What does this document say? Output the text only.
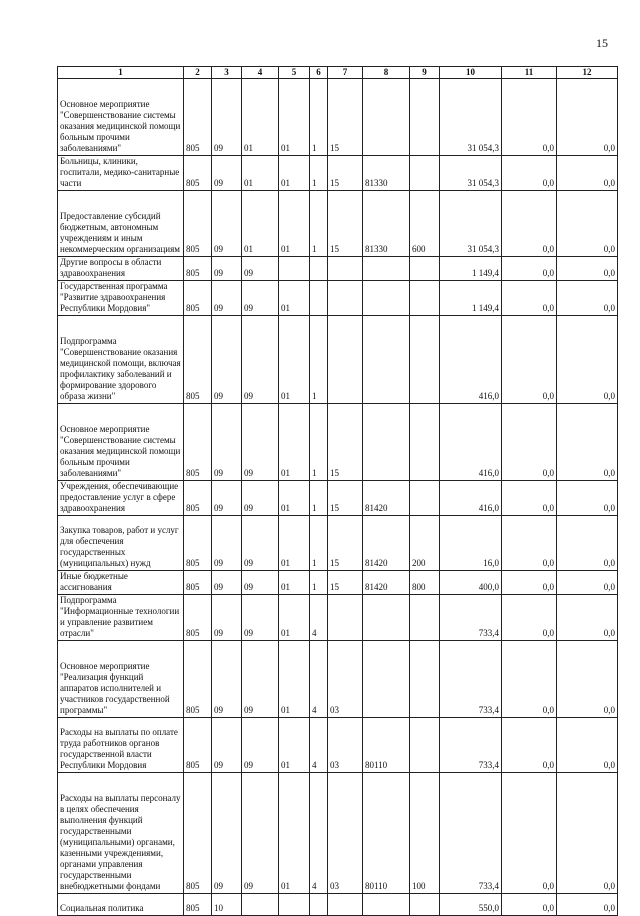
15
1	2	3	4	5	6	7	8	9	10	11	12
Основное мероприятие "Совершенствование системы оказания медицинской помощи больным прочими заболеваниями"	805	09	01	01	1	15			31 054,3	0,0	0,0
Больницы, клиники, госпитали, медико-санитарные части	805	09	01	01	1	15	81330		31 054,3	0,0	0,0
Предоставление субсидий бюджетным, автономным учреждениям и иным некоммерческим организациям	805	09	01	01	1	15	81330	600	31 054,3	0,0	0,0
Другие вопросы в области здравоохранения	805	09	09						1 149,4	0,0	0,0
Государственная программа "Развитие здравоохранения Республики Мордовия"	805	09	09	01					1 149,4	0,0	0,0
Подпрограмма "Совершенствование оказания медицинской помощи, включая профилактику заболеваний и формирование здорового образа жизни"	805	09	09	01	1				416,0	0,0	0,0
Основное мероприятие "Совершенствование системы оказания медицинской помощи больным прочими заболеваниями"	805	09	09	01	1	15			416,0	0,0	0,0
Учреждения, обеспечивающие предоставление услуг в сфере здравоохранения	805	09	09	01	1	15	81420		416,0	0,0	0,0
Закупка товаров, работ и услуг для обеспечения государственных (муниципальных) нужд	805	09	09	01	1	15	81420	200	16,0	0,0	0,0
Иные бюджетные ассигнования	805	09	09	01	1	15	81420	800	400,0	0,0	0,0
Подпрограмма "Информационные технологии и управление развитием отрасли"	805	09	09	01	4				733,4	0,0	0,0
Основное мероприятие "Реализация функций аппаратов исполнителей и участников государственной программы"	805	09	09	01	4	03			733,4	0,0	0,0
Расходы на выплаты по оплате труда работников органов государственной власти Республики Мордовия	805	09	09	01	4	03	80110		733,4	0,0	0,0
Расходы на выплаты персоналу в целях обеспечения выполнения функций государственными (муниципальными) органами, казенными учреждениями, органами управления государственными внебюджетными фондами	805	09	09	01	4	03	80110	100	733,4	0,0	0,0
Социальная политика	805	10							550,0	0,0	0,0
